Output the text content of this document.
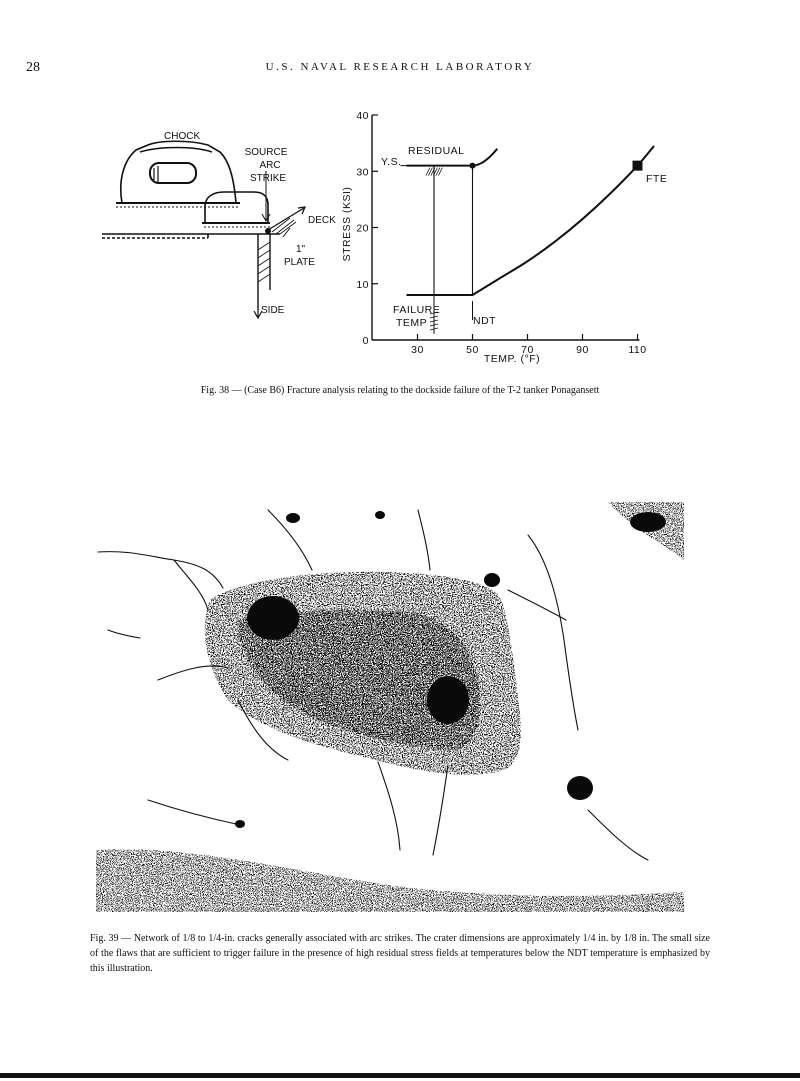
28	U.S. NAVAL RESEARCH LABORATORY
CHOCK
SOURCE
ARC
STRIKE
DECK
1"
PLATE
SIDE
0
10
20
30
40
30	50	70	90	110
STRESS (KSI)
TEMP. (°F)
Y.S.
RESIDUAL
FTE
FAILURE
TEMP	NDT
Fig. 38 — (Case B6) Fracture analysis relating to the dockside failure of the T-2 tanker Ponagansett
Fig. 39 — Network of 1/8 to 1/4-in. cracks generally associated with arc strikes. The crater dimensions are approximately 1/4 in. by 1/8 in. The small size of the flaws that are sufficient to trigger failure in the presence of high residual stress fields at temperatures below the NDT temperature is emphasized by this illustration.
